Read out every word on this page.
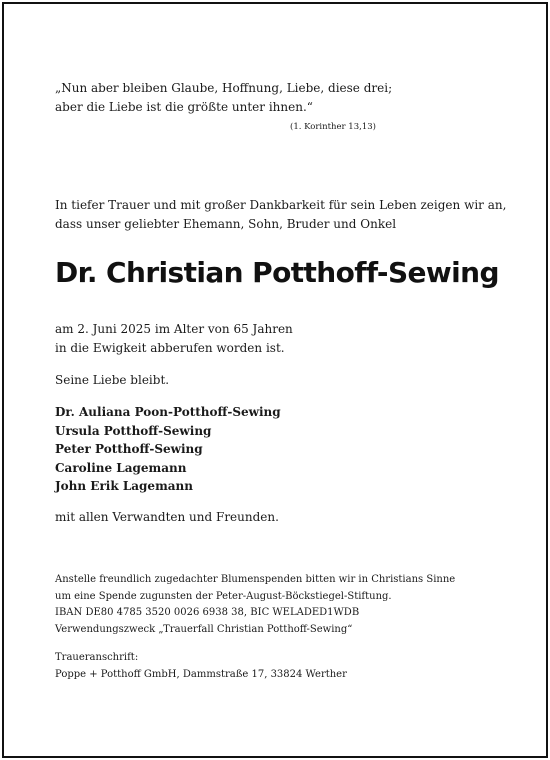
„Nun aber bleiben Glaube, Hoffnung, Liebe, diese drei;
aber die Liebe ist die größte unter ihnen.“
(1. Korinther 13,13)
In tiefer Trauer und mit großer Dankbarkeit für sein Leben zeigen wir an,
dass unser geliebter Ehemann, Sohn, Bruder und Onkel
Dr. Christian Potthoff-Sewing
am 2. Juni 2025 im Alter von 65 Jahren
in die Ewigkeit abberufen worden ist.
Seine Liebe bleibt.
Dr. Auliana Poon-Potthoff-Sewing
Ursula Potthoff-Sewing
Peter Potthoff-Sewing
Caroline Lagemann
John Erik Lagemann
mit allen Verwandten und Freunden.
Anstelle freundlich zugedachter Blumenspenden bitten wir in Christians Sinne
um eine Spende zugunsten der Peter-August-Böckstiegel-Stiftung.
IBAN DE80 4785 3520 0026 6938 38, BIC WELADED1WDB
Verwendungszweck „Trauerfall Christian Potthoff-Sewing“
Traueranschrift:
Poppe + Potthoff GmbH, Dammstraße 17, 33824 Werther
